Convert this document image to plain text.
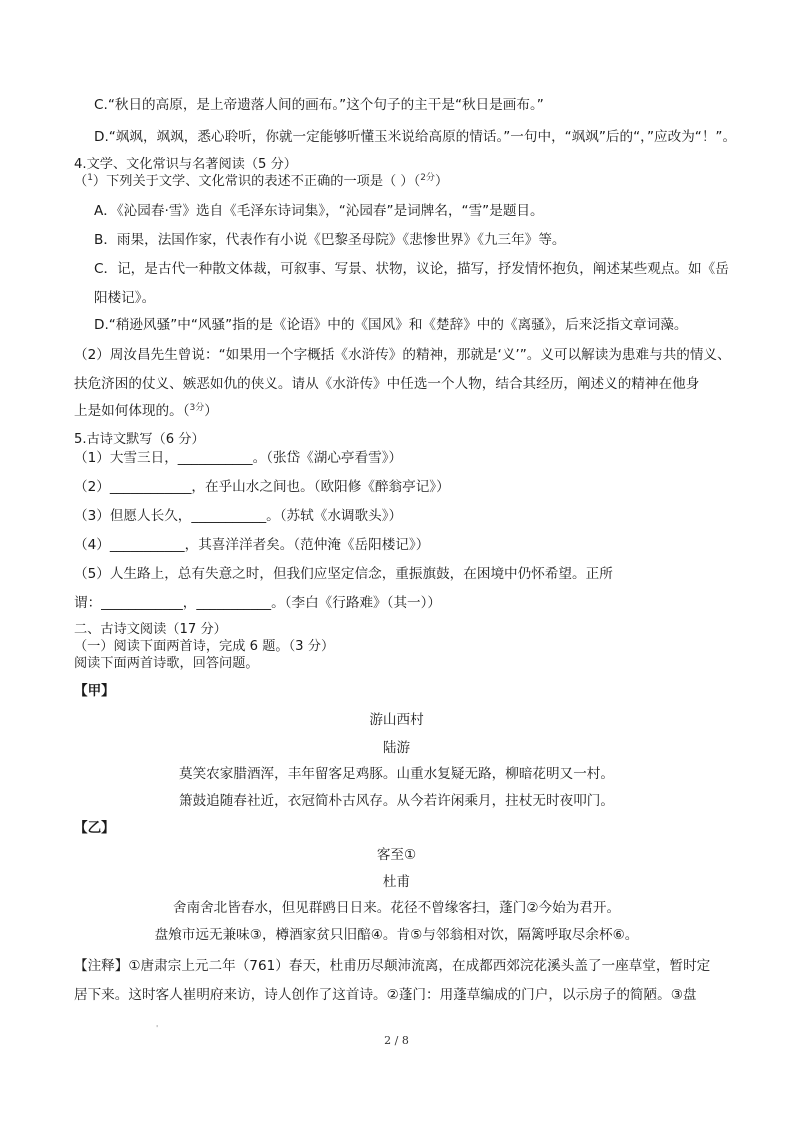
C.“秋日的高原，是上帝遗落人间的画布。”这个句子的主干是“秋日是画布。”
D.“飒飒，飒飒，悉心聆听，你就一定能够听懂玉米说给高原的情话。”一句中，“飒飒”后的“，”应改为“！”。
4.文学、文化常识与名著阅读（5 分）
（$^1$）下列关于文学、文化常识的表述不正确的一项是（ ）（$^{2分}$）
A．《沁园春·雪》选自《毛泽东诗词集》，“沁园春”是词牌名，“雪”是题目。
B．雨果，法国作家，代表作有小说《巴黎圣母院》《悲惨世界》《九三年》等。
C．记，是古代一种散文体裁，可叙事、写景、状物，议论，描写，抒发情怀抱负，阐述某些观点。如《岳
阳楼记》。
D.“稍逊风骚”中“风骚”指的是《论语》中的《国风》和《楚辞》中的《离骚》，后来泛指文章词藻。
（2）周汝昌先生曾说：“如果用一个字概括《水浒传》的精神，那就是‘义’”。义可以解读为患难与共的情义、
扶危济困的仗义、嫉恶如仇的侠义。请从《水浒传》中任选一个人物，结合其经历，阐述义的精神在他身
上是如何体现的。（$^{3分}$）
5.古诗文默写（6 分）
（1）大雪三日，___________。（张岱《湖心亭看雪》）
（2）____________，在乎山水之间也。（欧阳修《醉翁亭记》）
（3）但愿人长久，___________。（苏轼《水调歌头》）
（4）___________，其喜洋洋者矣。（范仲淹《岳阳楼记》）
（5）人生路上，总有失意之时，但我们应坚定信念，重振旗鼓，在困境中仍怀希望。正所
谓：____________，___________。（李白《行路难》（其一））
二、古诗文阅读（17 分）
（一）阅读下面两首诗，完成 6 题。（3 分）
阅读下面两首诗歌，回答问题。
【甲】
游山西村
陆游
莫笑农家腊酒浑，丰年留客足鸡豚。山重水复疑无路，柳暗花明又一村。
箫鼓追随春社近，衣冠简朴古风存。从今若许闲乘月，拄杖无时夜叩门。
【乙】
客至①
杜甫
舍南舍北皆春水，但见群鸥日日来。花径不曾缘客扫，蓬门②今始为君开。
盘飧市远无兼味③，樽酒家贫只旧醅④。肯⑤与邻翁相对饮，隔篱呼取尽余杯⑥。
【注释】①唐肃宗上元二年（761）春天，杜甫历尽颠沛流离，在成都西郊浣花溪头盖了一座草堂，暂时定
居下来。这时客人崔明府来访，诗人创作了这首诗。②蓬门：用蓬草编成的门户，以示房子的简陋。③盘
'
2 / 8
